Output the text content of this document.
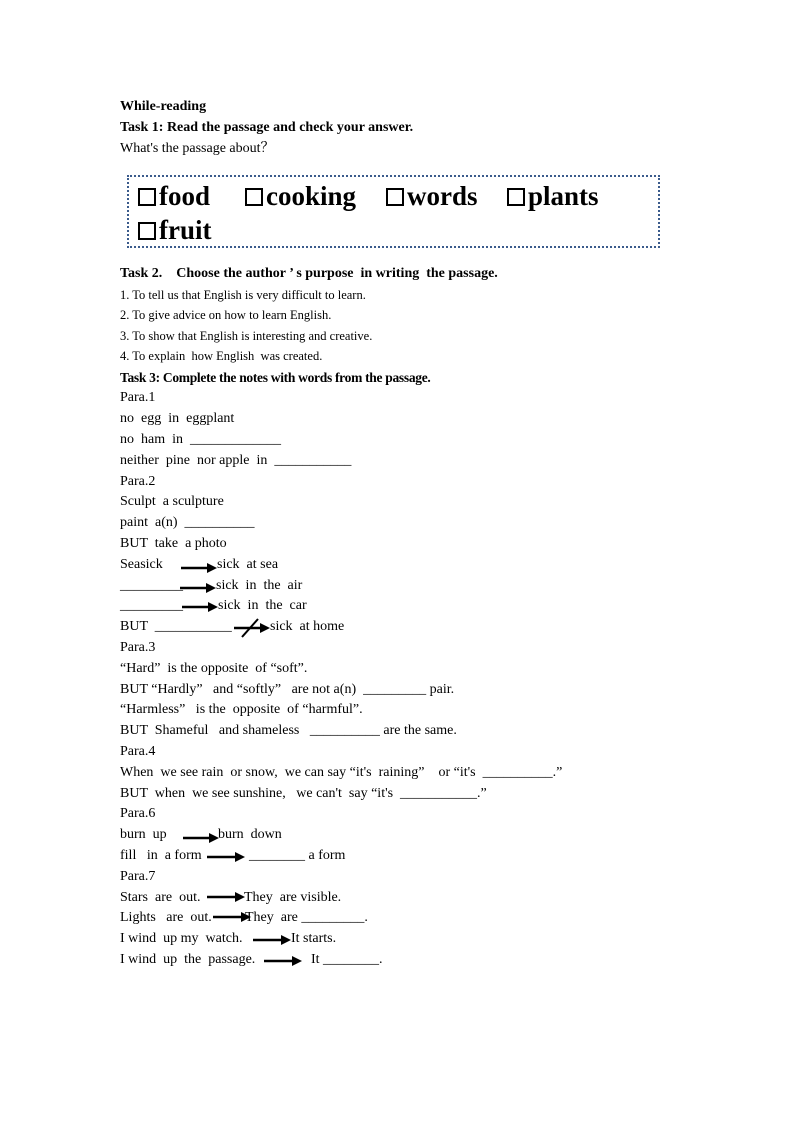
While-reading
Task 1: Read the passage and check your answer.
What's the passage about？
food cooking words plants
fruit
Task 2.    Choose the author ’ s purpose  in writing  the passage.
1. To tell us that English is very difficult to learn.
2. To give advice on how to learn English.
3. To show that English is interesting and creative.
4. To explain  how English  was created.
Task 3: Complete the notes with words from the passage.
Para.1
no  egg  in  eggplant
no  ham  in  _____________
neither  pine  nor apple  in  ___________
Para.2
Sculpt  a sculpture
paint  a(n)  __________
BUT  take  a photo
Seasick	sick  at sea
_________ sick  in  the  air
_________	sick  in  the  car
BUT  ___________	sick  at home
Para.3
“Hard”  is the opposite  of “soft”.
BUT “Hardly”   and “softly”   are not a(n)  _________ pair.
“Harmless”   is the  opposite  of “harmful”.
BUT  Shameful   and shameless   __________ are the same.
Para.4
When  we see rain  or snow,  we can say “it's  raining”    or “it's  __________.”
BUT  when  we see sunshine,   we can't  say “it's  ___________.”
Para.6
burn  up	burn  down
fill   in  a form	________ a form
Para.7
Stars  are  out.	They  are visible.
Lights   are  out. They  are _________.
I wind  up my  watch.	It starts.
I wind  up  the  passage.	It ________.
